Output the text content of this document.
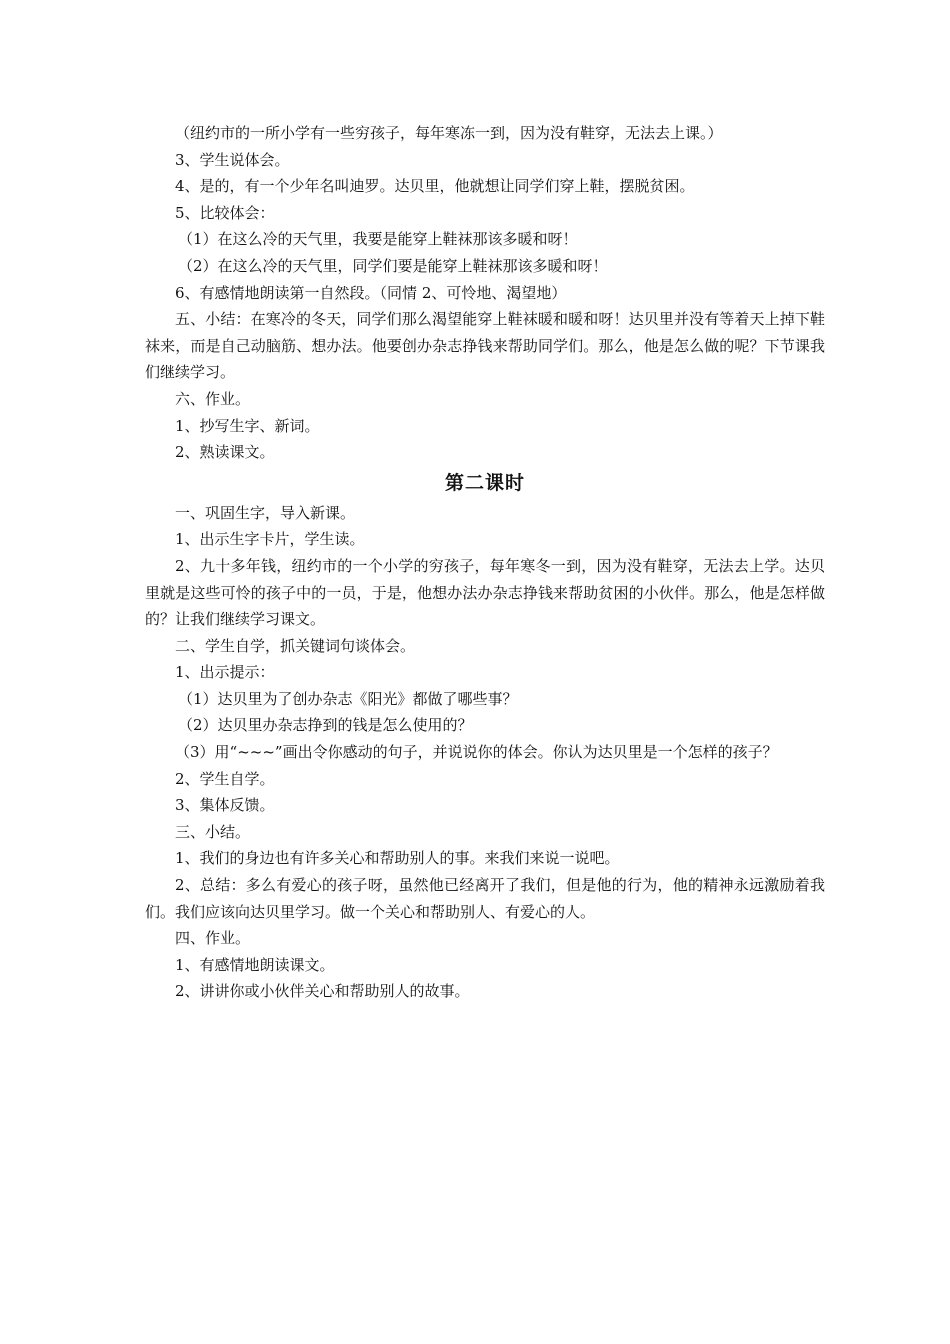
（纽约市的一所小学有一些穷孩子，每年寒冻一到，因为没有鞋穿，无法去上课。）

3、学生说体会。

4、是的，有一个少年名叫迪罗。达贝里，他就想让同学们穿上鞋，摆脱贫困。

5、比较体会：

（1）在这么冷的天气里，我要是能穿上鞋袜那该多暖和呀！

（2）在这么冷的天气里，同学们要是能穿上鞋袜那该多暖和呀！

6、有感情地朗读第一自然段。（同情 2、可怜地、渴望地）

五、小结：在寒冷的冬天，同学们那么渴望能穿上鞋袜暖和暖和呀！达贝里并没有等着天上掉下鞋袜来，而是自己动脑筋、想办法。他要创办杂志挣钱来帮助同学们。那么，他是怎么做的呢？下节课我们继续学习。

六、作业。

1、抄写生字、新词。

2、熟读课文。

第二课时

一、巩固生字，导入新课。

1、出示生字卡片，学生读。

2、九十多年钱，纽约市的一个小学的穷孩子，每年寒冬一到，因为没有鞋穿，无法去上学。达贝里就是这些可怜的孩子中的一员，于是，他想办法办杂志挣钱来帮助贫困的小伙伴。那么，他是怎样做的？让我们继续学习课文。

二、学生自学，抓关键词句谈体会。

1、出示提示：

（1）达贝里为了创办杂志《阳光》都做了哪些事？

（2）达贝里办杂志挣到的钱是怎么使用的？

（3）用“~~~”画出令你感动的句子，并说说你的体会。你认为达贝里是一个怎样的孩子？

2、学生自学。

3、集体反馈。

三、小结。

1、我们的身边也有许多关心和帮助别人的事。来我们来说一说吧。

2、总结：多么有爱心的孩子呀，虽然他已经离开了我们，但是他的行为，他的精神永远激励着我们。我们应该向达贝里学习。做一个关心和帮助别人、有爱心的人。

四、作业。

1、有感情地朗读课文。

2、讲讲你或小伙伴关心和帮助别人的故事。
